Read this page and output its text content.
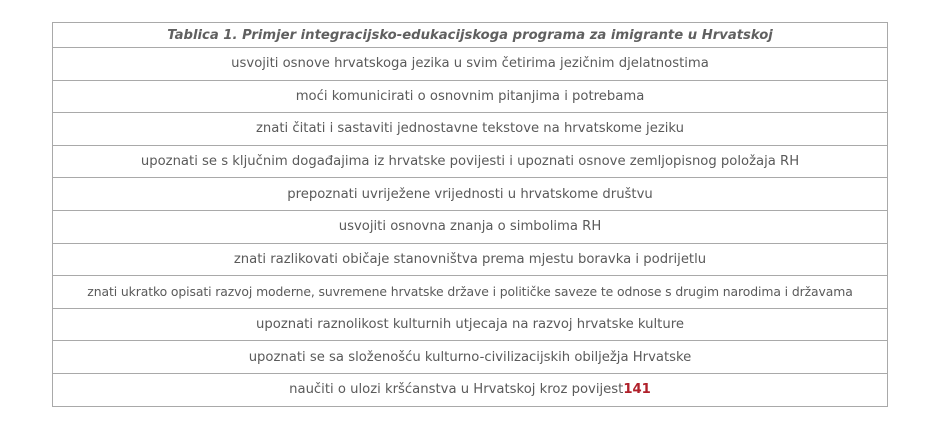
Tablica 1. Primjer integracijsko-edukacijskoga programa za imigrante u Hrvatskoj
usvojiti osnove hrvatskoga jezika u svim četirima jezičnim djelatnostima
moći komunicirati o osnovnim pitanjima i potrebama
znati čitati i sastaviti jednostavne tekstove na hrvatskome jeziku
upoznati se s ključnim događajima iz hrvatske povijesti i upoznati osnove zemljopisnog položaja RH
prepoznati uvriježene vrijednosti u hrvatskome društvu
usvojiti osnovna znanja o simbolima RH
znati razlikovati običaje stanovništva prema mjestu boravka i podrijetlu
znati ukratko opisati razvoj moderne, suvremene hrvatske države i političke saveze te odnose s drugim narodima i državama
upoznati raznolikost kulturnih utjecaja na razvoj hrvatske kulture
upoznati se sa složenošću kulturno-civilizacijskih obilježja Hrvatske
naučiti o ulozi kršćanstva u Hrvatskoj kroz povijest141
